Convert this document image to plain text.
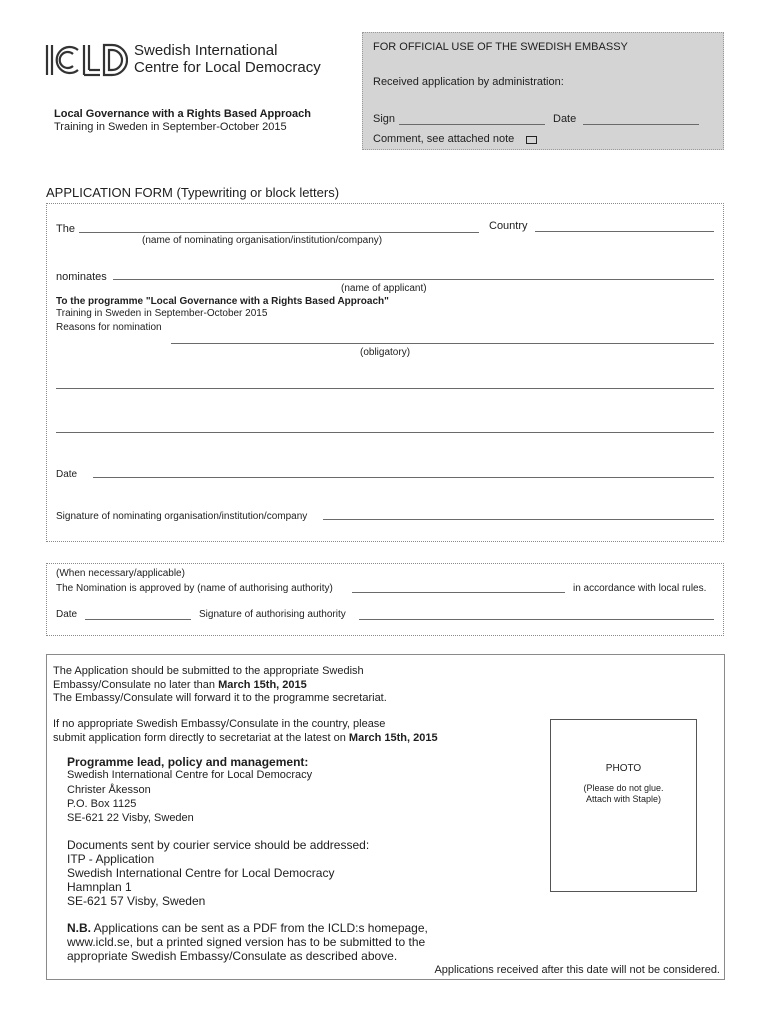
Swedish International
Centre for Local Democracy
Local Governance with a Rights Based Approach
Training in Sweden in September-October 2015
FOR OFFICIAL USE OF THE SWEDISH EMBASSY
Received application by administration:
Sign	Date
Comment, see attached note
APPLICATION FORM (Typewriting or block letters)
The	Country
(name of nominating organisation/institution/company)
nominates
(name of applicant)
To the programme "Local Governance with a Rights Based Approach"
Training in Sweden in September-October 2015
Reasons for nomination
(obligatory)
Date
Signature of nominating organisation/institution/company
(When necessary/applicable)
The Nomination is approved by (name of authorising authority)	in accordance with local rules.
Date	Signature of authorising authority
The Application should be submitted to the appropriate Swedish
Embassy/Consulate no later than March 15th, 2015
The Embassy/Consulate will forward it to the programme secretariat.
If no appropriate Swedish Embassy/Consulate in the country, please
submit application form directly to secretariat at the latest on March 15th, 2015
Programme lead, policy and management:
Swedish International Centre for Local Democracy
Christer Åkesson
P.O. Box 1125
SE-621 22 Visby, Sweden
Documents sent by courier service should be addressed:
ITP - Application
Swedish International Centre for Local Democracy
Hamnplan 1
SE-621 57 Visby, Sweden
N.B. Applications can be sent as a PDF from the ICLD:s homepage,
www.icld.se, but a printed signed version has to be submitted to the
appropriate Swedish Embassy/Consulate as described above.
Applications received after this date will not be considered.
PHOTO
(Please do not glue.
Attach with Staple)
